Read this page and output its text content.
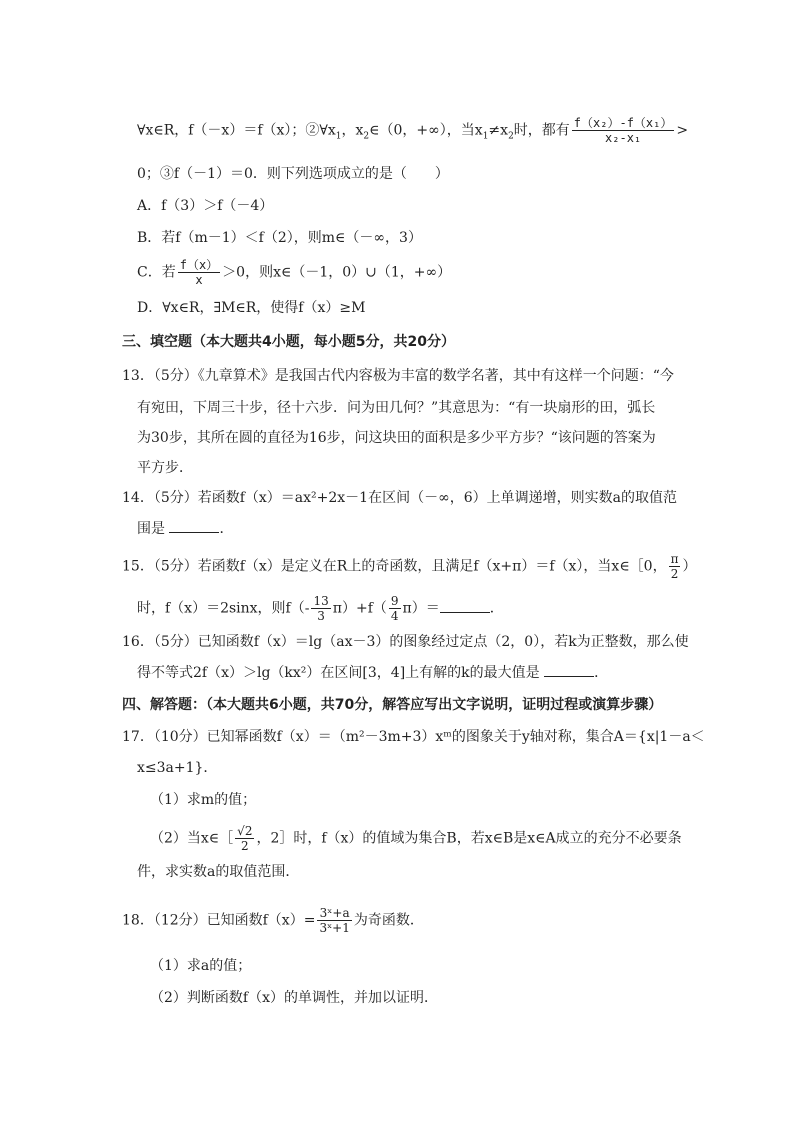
∀x∈R，f（－x）＝f（x）；$②\forall x_1$，$x_2\in(0$，+∞），当$x_1\ne x_2$时，都有 $\frac{\text{f（x₂）-f（x₁）}}{\text{x₂-x₁}}$ >
0；③f（－1）＝0．则下列选项成立的是（　　）
A．f（3）＞f（－4）
B．若f（m－1）＜f（2），则m∈（－∞，3）
C．若 $\frac{f(x)}{x} >0$，则x∈（－1，0）∪（1，+∞）
D．∀x∈R，∃M∈R，使得f（x）≥M
三、填空题（本大题共4小题，每小题5分，共20分）
13．（5分）《九章算术》是我国古代内容极为丰富的数学名著，其中有这样一个问题：“今
有宛田，下周三十步，径十六步．问为田几何？”其意思为：“有一块扇形的田，弧长
为30步，其所在圆的直径为16步，问这块田的面积是多少平方步？“该问题的答案为
平方步．
14．（5分）若函数f（x）＝ax²+2x－1在区间（－∞，6）上单调递增，则实数a的取值范
围是	．
15．（5分）若函数f（x）是定义在R上的奇函数，且满足f（x+π）＝f（x），当x∈［0， $\frac{\pi}{2}$ ）
时，f（x）＝2sinx，则$f(- \frac{13}{3} \pi)+f( \frac{9}{4} \pi)=$	．
16．（5分）已知函数f（x）＝lg（ax－3）的图象经过定点（2，0），若k为正整数，那么使
得不等式2f（x）＞lg（kx²）在区间[3，4]上有解的k的最大值是	．
四、解答题：（本大题共6小题，共70分，解答应写出文字说明，证明过程或演算步骤）
17．（10分）已知幂函数f（x）＝（m²－3m+3）xᵐ的图象关于y轴对称，集合A＝{x|1－a＜
x≤3a+1}．
（1）求m的值；
（2）当x∈［ $\frac{√2}{2}$ ，2］时，f（x）的值域为集合B，若x∈B是x∈A成立的充分不必要条
件，求实数a的取值范围．
18．（12分）已知函数$f(x)= \frac{\text{3ˣ+a}}{\text{3ˣ+1}}$ 为奇函数．
（1）求a的值；
（2）判断函数f（x）的单调性，并加以证明．
